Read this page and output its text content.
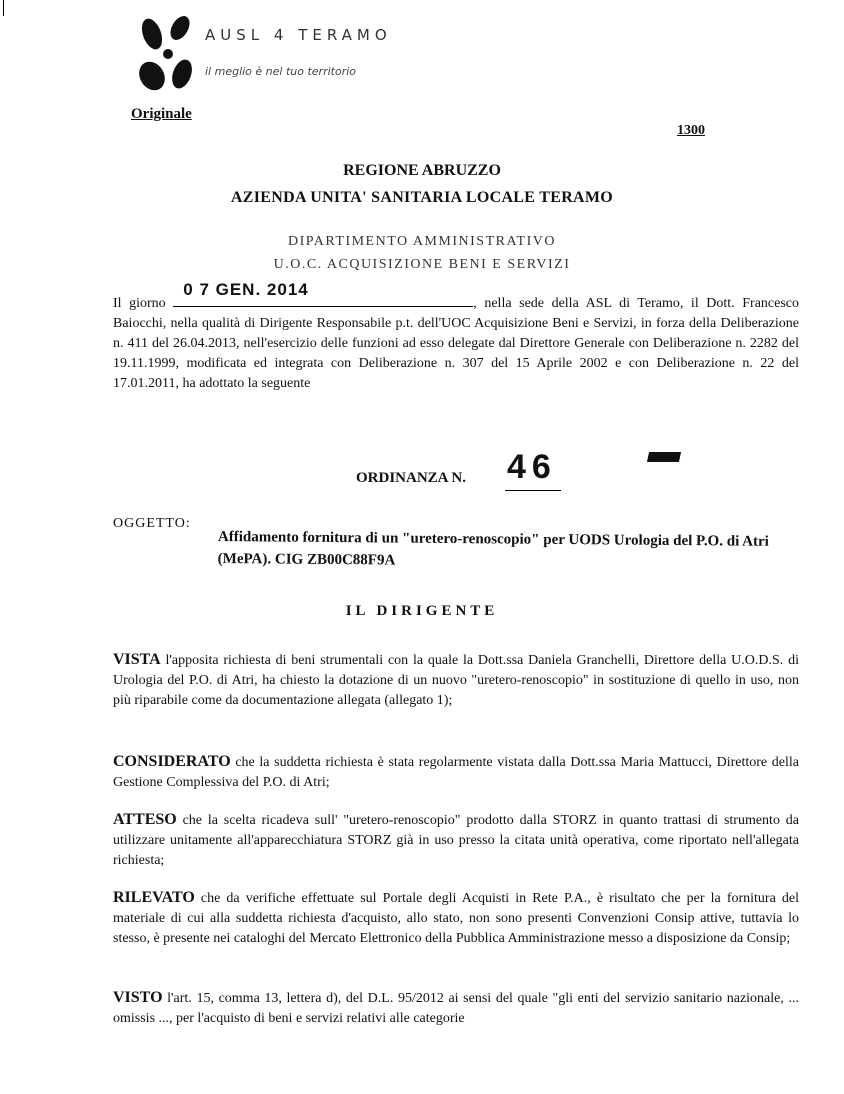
AUSL 4 TERAMO
il meglio è nel tuo territorio
Originale
1300
REGIONE ABRUZZO
AZIENDA UNITA' SANITARIA LOCALE TERAMO
DIPARTIMENTO AMMINISTRATIVO
U.O.C. ACQUISIZIONE BENI E SERVIZI
Il giorno
0 7 GEN. 2014
, nella sede della ASL di Teramo, il Dott. Francesco Baiocchi, nella qualità di Dirigente Responsabile p.t. dell'UOC Acquisizione Beni e Servizi, in forza della Deliberazione n. 411 del 26.04.2013, nell'esercizio delle funzioni ad esso delegate dal Direttore Generale con Deliberazione n. 2282 del 19.11.1999, modificata ed integrata con Deliberazione n. 307 del 15 Aprile 2002 e con Deliberazione n. 22 del 17.01.2011, ha adottato la seguente
ORDINANZA N. 46
OGGETTO:
Affidamento fornitura di un "uretero-renoscopio" per UODS Urologia del P.O. di Atri (MePA). CIG ZB00C88F9A
IL DIRIGENTE
VISTA l'apposita richiesta di beni strumentali con la quale la Dott.ssa Daniela Granchelli, Direttore della U.O.D.S. di Urologia del P.O. di Atri, ha chiesto la dotazione di un nuovo "uretero-renoscopio" in sostituzione di quello in uso, non più riparabile come da documentazione allegata (allegato 1);
CONSIDERATO che la suddetta richiesta è stata regolarmente vistata dalla Dott.ssa Maria Mattucci, Direttore della Gestione Complessiva del P.O. di Atri;
ATTESO che la scelta ricadeva sull' "uretero-renoscopio" prodotto dalla STORZ in quanto trattasi di strumento da utilizzare unitamente all'apparecchiatura STORZ già in uso presso la citata unità operativa, come riportato nell'allegata richiesta;
RILEVATO che da verifiche effettuate sul Portale degli Acquisti in Rete P.A., è risultato che per la fornitura del materiale di cui alla suddetta richiesta d'acquisto, allo stato, non sono presenti Convenzioni Consip attive, tuttavia lo stesso, è presente nei cataloghi del Mercato Elettronico della Pubblica Amministrazione messo a disposizione da Consip;
VISTO l'art. 15, comma 13, lettera d), del D.L. 95/2012 ai sensi del quale "gli enti del servizio sanitario nazionale, ... omissis ..., per l'acquisto di beni e servizi relativi alle categorie
